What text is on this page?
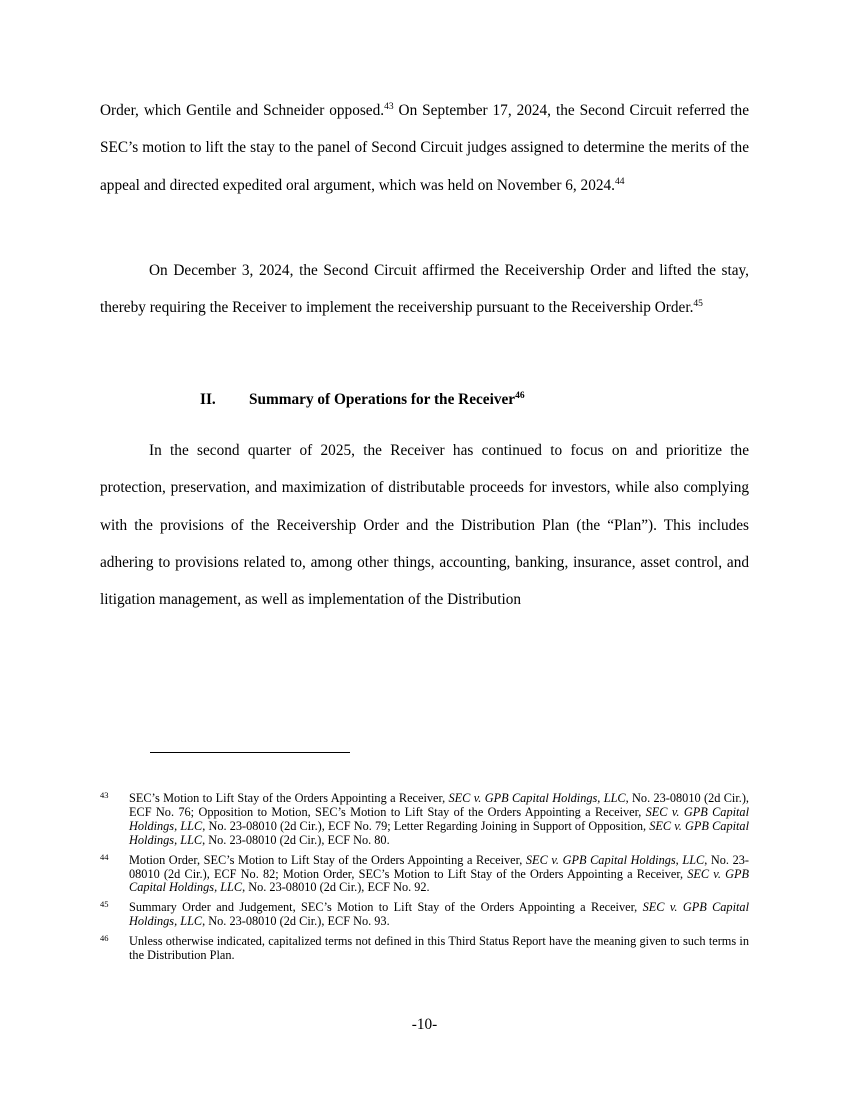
Order, which Gentile and Schneider opposed.$^{43}$ On September 17, 2024, the Second Circuit referred the SEC’s motion to lift the stay to the panel of Second Circuit judges assigned to determine the merits of the appeal and directed expedited oral argument, which was held on November 6, 2024.44

On December 3, 2024, the Second Circuit affirmed the Receivership Order and lifted the stay, thereby requiring the Receiver to implement the receivership pursuant to the Receivership Order.$^{45}$

II. Summary of Operations for the Receiver$^{46}$

In the second quarter of 2025, the Receiver has continued to focus on and prioritize the protection, preservation, and maximization of distributable proceeds for investors, while also complying with the provisions of the Receivership Order and the Distribution Plan (the “Plan”). This includes adhering to provisions related to, among other things, accounting, banking, insurance, asset control, and litigation management, as well as implementation of the Distribution

43 SEC’s Motion to Lift Stay of the Orders Appointing a Receiver, SEC v. GPB Capital Holdings, LLC, No. 23-08010 (2d Cir.), ECF No. 76; Opposition to Motion, SEC’s Motion to Lift Stay of the Orders Appointing a Receiver, SEC v. GPB Capital Holdings, LLC, No. 23-08010 (2d Cir.), ECF No. 79; Letter Regarding Joining in Support of Opposition, SEC v. GPB Capital Holdings, LLC, No. 23-08010 (2d Cir.), ECF No. 80.

44 Motion Order, SEC’s Motion to Lift Stay of the Orders Appointing a Receiver, SEC v. GPB Capital Holdings, LLC, No. 23-08010 (2d Cir.), ECF No. 82; Motion Order, SEC’s Motion to Lift Stay of the Orders Appointing a Receiver, SEC v. GPB Capital Holdings, LLC, No. 23-08010 (2d Cir.), ECF No. 92.

45 Summary Order and Judgement, SEC’s Motion to Lift Stay of the Orders Appointing a Receiver, SEC v. GPB Capital Holdings, LLC, No. 23-08010 (2d Cir.), ECF No. 93.

46 Unless otherwise indicated, capitalized terms not defined in this Third Status Report have the meaning given to such terms in the Distribution Plan.

-10-
